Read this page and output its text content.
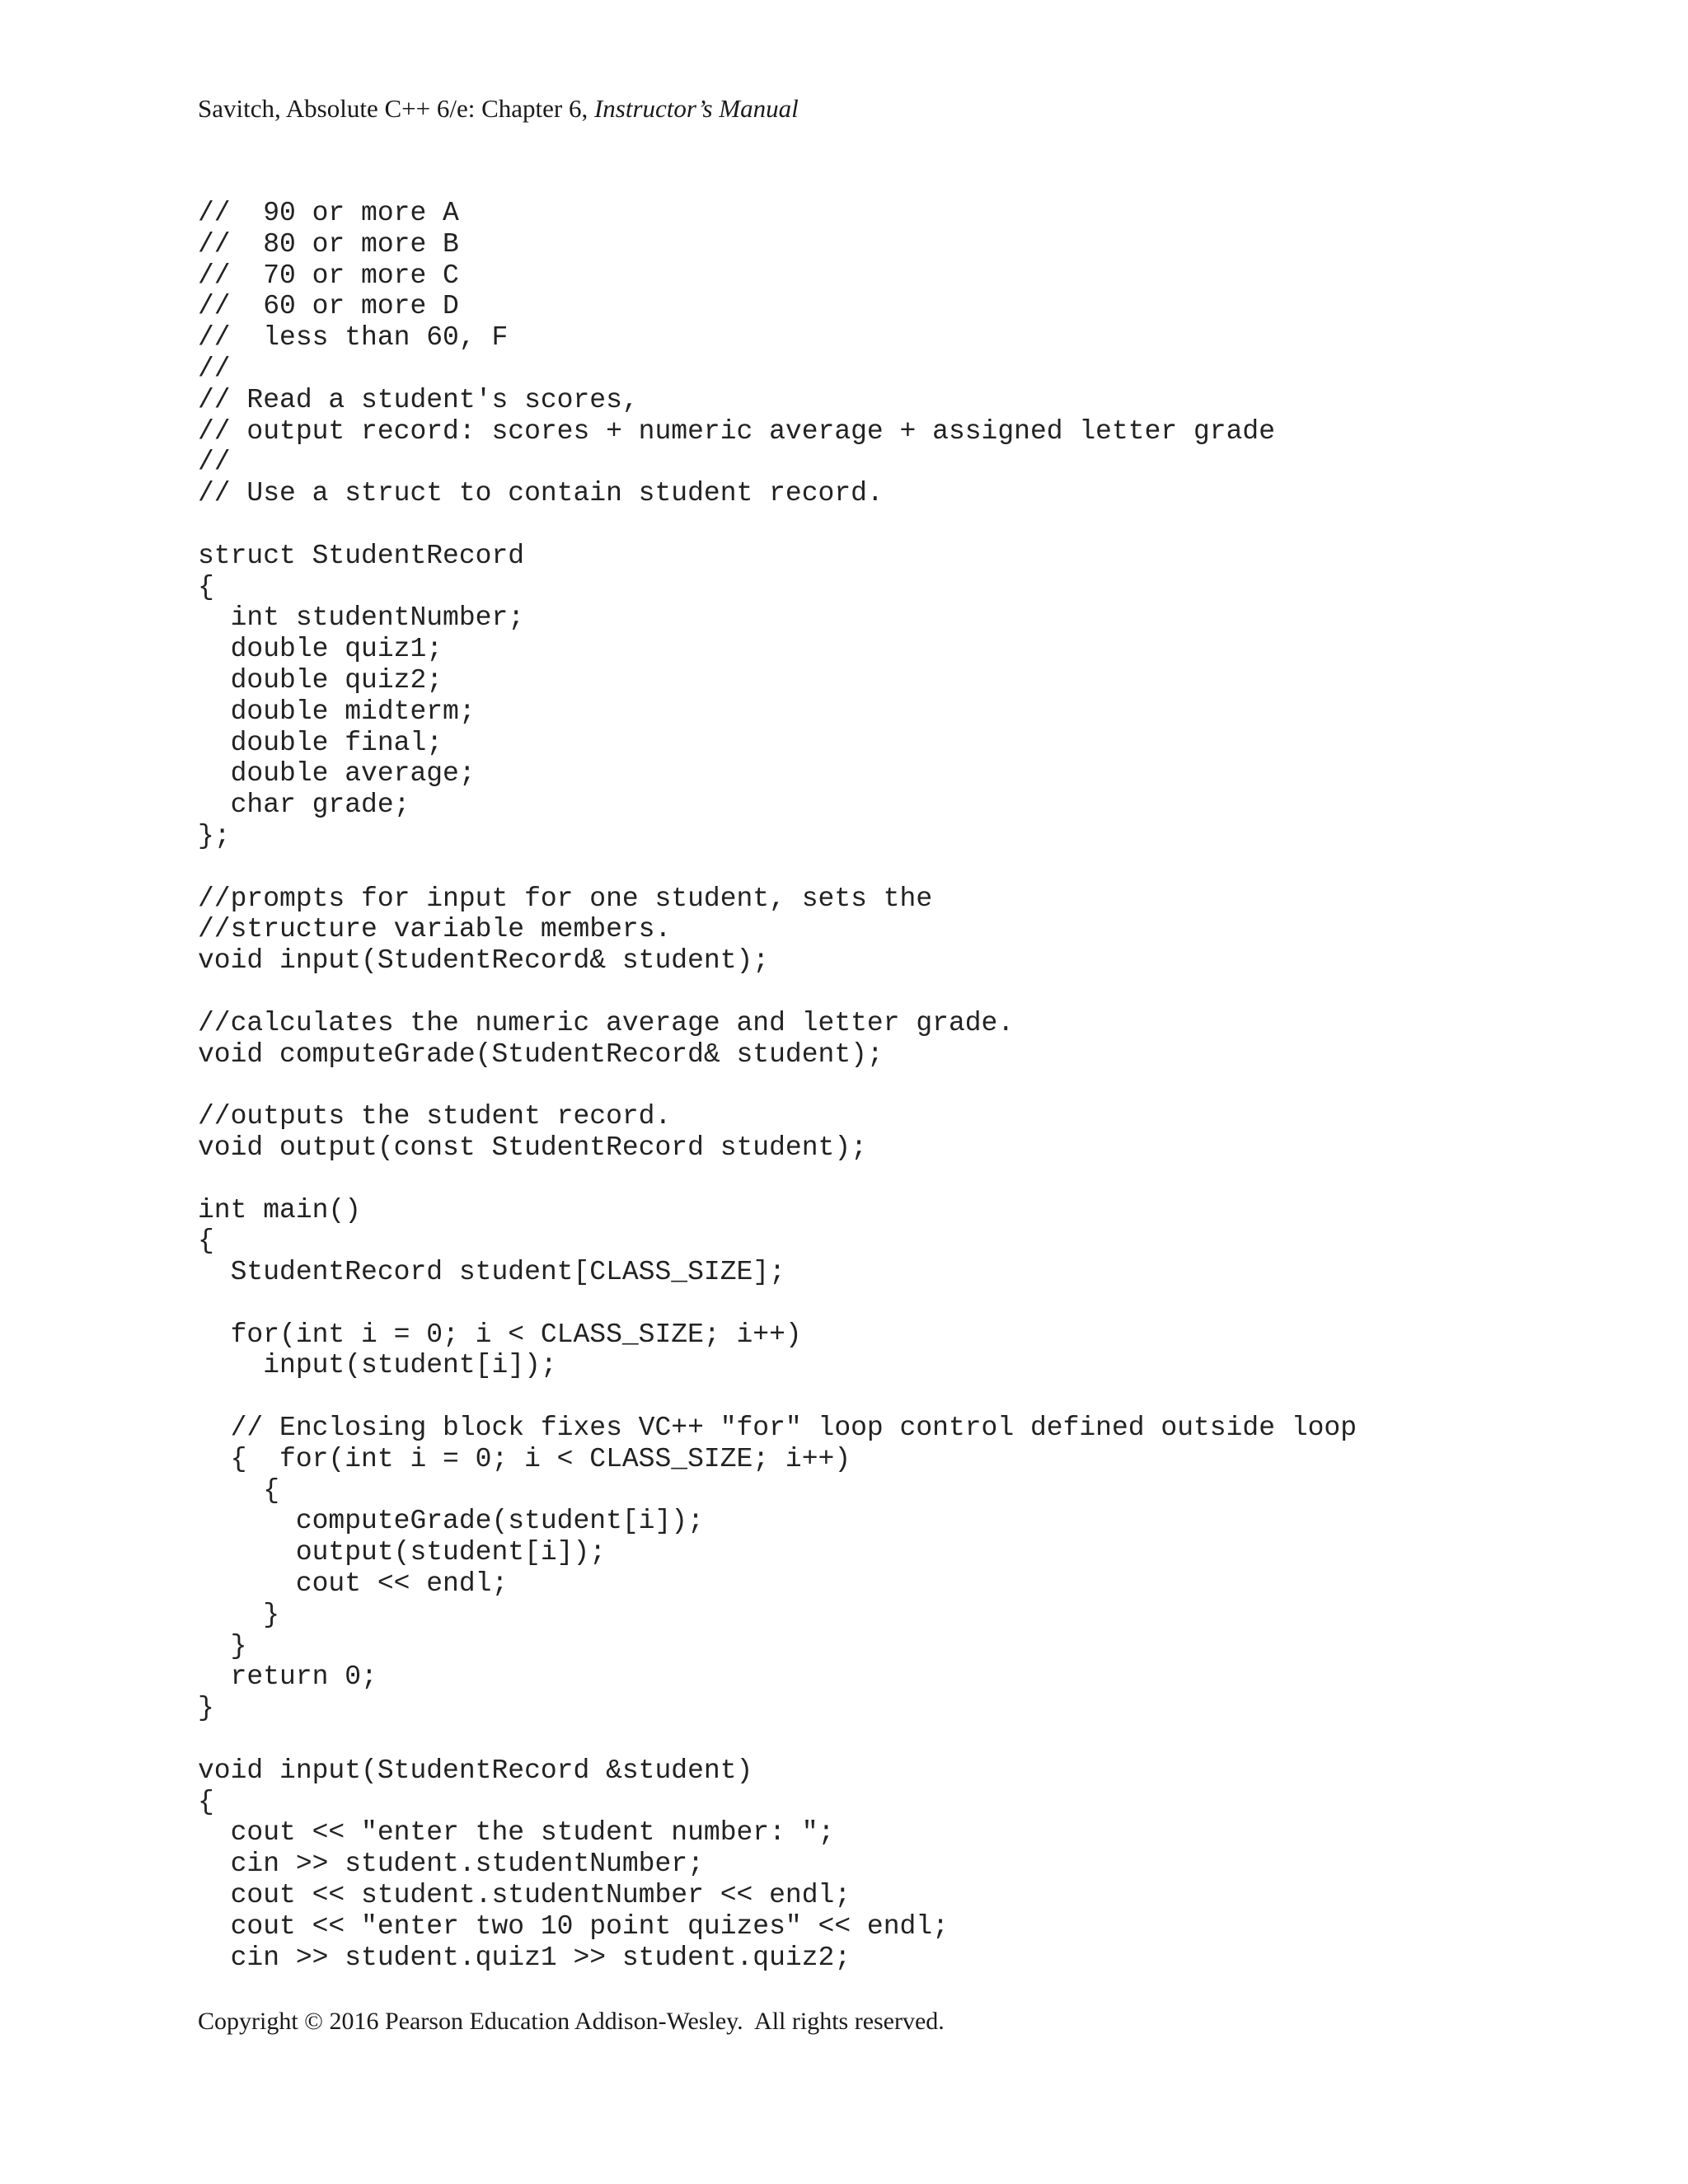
Savitch, Absolute C++ 6/e: Chapter 6, Instructor’s Manual
//  90 or more A
//  80 or more B
//  70 or more C
//  60 or more D
//  less than 60, F
//
// Read a student's scores,
// output record: scores + numeric average + assigned letter grade
//
// Use a struct to contain student record.
struct StudentRecord
{
int studentNumber;
double quiz1;
double quiz2;
double midterm;
double final;
double average;
char grade;
};
//prompts for input for one student, sets the
//structure variable members.
void input(StudentRecord& student);
//calculates the numeric average and letter grade.
void computeGrade(StudentRecord& student);
//outputs the student record.
void output(const StudentRecord student);
int main()
{
StudentRecord student[CLASS_SIZE];
for(int i = 0; i < CLASS_SIZE; i++)
input(student[i]);
// Enclosing block fixes VC++ "for" loop control defined outside loop
{  for(int i = 0; i < CLASS_SIZE; i++)
{
computeGrade(student[i]);
output(student[i]);
cout << endl;
}
}
return 0;
}
void input(StudentRecord &student)
{
cout << "enter the student number: ";
cin >> student.studentNumber;
cout << student.studentNumber << endl;
cout << "enter two 10 point quizes" << endl;
cin >> student.quiz1 >> student.quiz2;
Copyright © 2016 Pearson Education Addison-Wesley.  All rights reserved.
